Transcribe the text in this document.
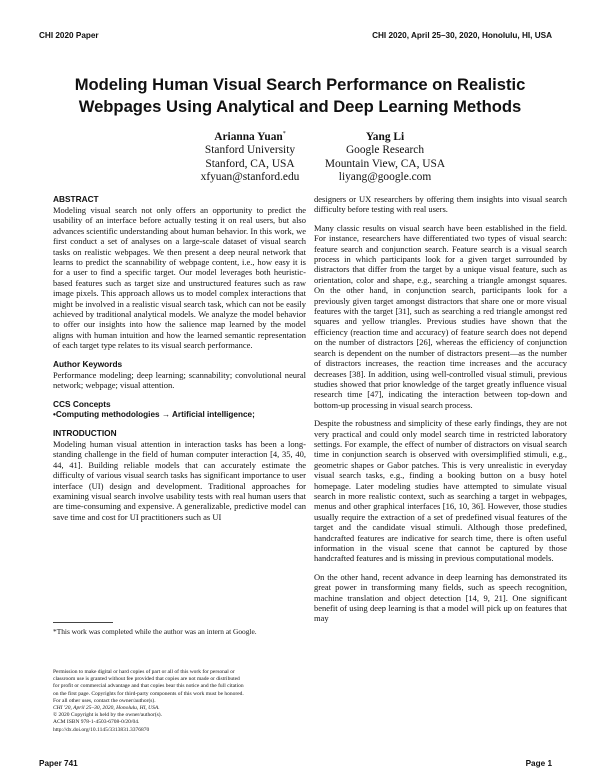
CHI 2020 Paper	CHI 2020, April 25–30, 2020, Honolulu, HI, USA
Modeling Human Visual Search Performance on Realistic
Webpages Using Analytical and Deep Learning Methods
Arianna Yuan*
Stanford University
Stanford, CA, USA
xfyuan@stanford.edu
Yang Li
Google Research
Mountain View, CA, USA
liyang@google.com
ABSTRACT

Modeling visual search not only offers an opportunity to predict the usability of an interface before actually testing it on real users, but also advances scientific understanding about human behavior. In this work, we first conduct a set of analyses on a large-scale dataset of visual search tasks on realistic webpages. We then present a deep neural network that learns to predict the scannability of webpage content, i.e., how easy it is for a user to find a specific target. Our model leverages both heuristic-based features such as target size and unstructured features such as raw image pixels. This approach allows us to model complex interactions that might be involved in a realistic visual search task, which can not be easily achieved by traditional analytical models. We analyze the model behavior to offer our insights into how the salience map learned by the model aligns with human intuition and how the learned semantic representation of each target type relates to its visual search performance.

Author Keywords

Performance modeling; deep learning; scannability; convolutional neural network; webpage; visual attention.

CCS Concepts

•Computing methodologies → Artificial intelligence;

INTRODUCTION

Modeling human visual attention in interaction tasks has been a long-standing challenge in the field of human computer interaction [4, 35, 40, 44, 41]. Building reliable models that can accurately estimate the difficulty of various visual search tasks has significant importance to user interface (UI) design and development. Traditional approaches for examining visual search involve usability tests with real human users that are time-consuming and expensive. A generalizable, predictive model can save time and cost for UI practitioners such as UI

*This work was completed while the author was an intern at Google.
Permission to make digital or hard copies of part or all of this work for personal or
classroom use is granted without fee provided that copies are not made or distributed
for profit or commercial advantage and that copies bear this notice and the full citation
on the first page. Copyrights for third-party components of this work must be honored.
For all other uses, contact the owner/author(s).
CHI '20, April 25–30, 2020, Honolulu, HI, USA.
© 2020 Copyright is held by the owner/author(s).
ACM ISBN 978-1-4503-6708-0/20/04.
http://dx.doi.org/10.1145/3313831.3376870

designers or UX researchers by offering them insights into visual search difficulty before testing with real users.

Many classic results on visual search have been established in the field. For instance, researchers have differentiated two types of visual search: feature search and conjunction search. Feature search is a visual search process in which participants look for a given target surrounded by distractors that differ from the target by a unique visual feature, such as orientation, color and shape, e.g., searching a triangle amongst squares. On the other hand, in conjunction search, participants look for a previously given target amongst distractors that share one or more visual features with the target [31], such as searching a red triangle amongst red squares and yellow triangles. Previous studies have shown that the efficiency (reaction time and accuracy) of feature search does not depend on the number of distractors [26], whereas the efficiency of conjunction search is dependent on the number of distractors present—as the number of distractors increases, the reaction time increases and the accuracy decreases [38]. In addition, using well-controlled visual stimuli, previous studies showed that prior knowledge of the target greatly influence visual research time [47], indicating the interaction between top-down and bottom-up processing in visual search process.

Despite the robustness and simplicity of these early findings, they are not very practical and could only model search time in restricted laboratory settings. For example, the effect of number of distractors on visual search time in conjunction search is observed with oversimplified stimuli, e.g., geometric shapes or Gabor patches. This is very unrealistic in everyday visual search tasks, e.g., finding a booking button on a busy hotel homepage. Later modeling studies have attempted to simulate visual search in more realistic context, such as searching a target in webpages, menus and other graphical interfaces [16, 10, 36]. However, those studies usually require the extraction of a set of predefined visual features of the target and the candidate visual stimuli. Although those predefined, handcrafted features are indicative for search time, there is often useful information in the visual scene that cannot be captured by those handcrafted features and is missing in previous computational models.

On the other hand, recent advance in deep learning has demonstrated its great power in transforming many fields, such as speech recognition, machine translation and object detection [14, 9, 21]. One significant benefit of using deep learning is that a model will pick up on features that may

Paper 741	Page 1
